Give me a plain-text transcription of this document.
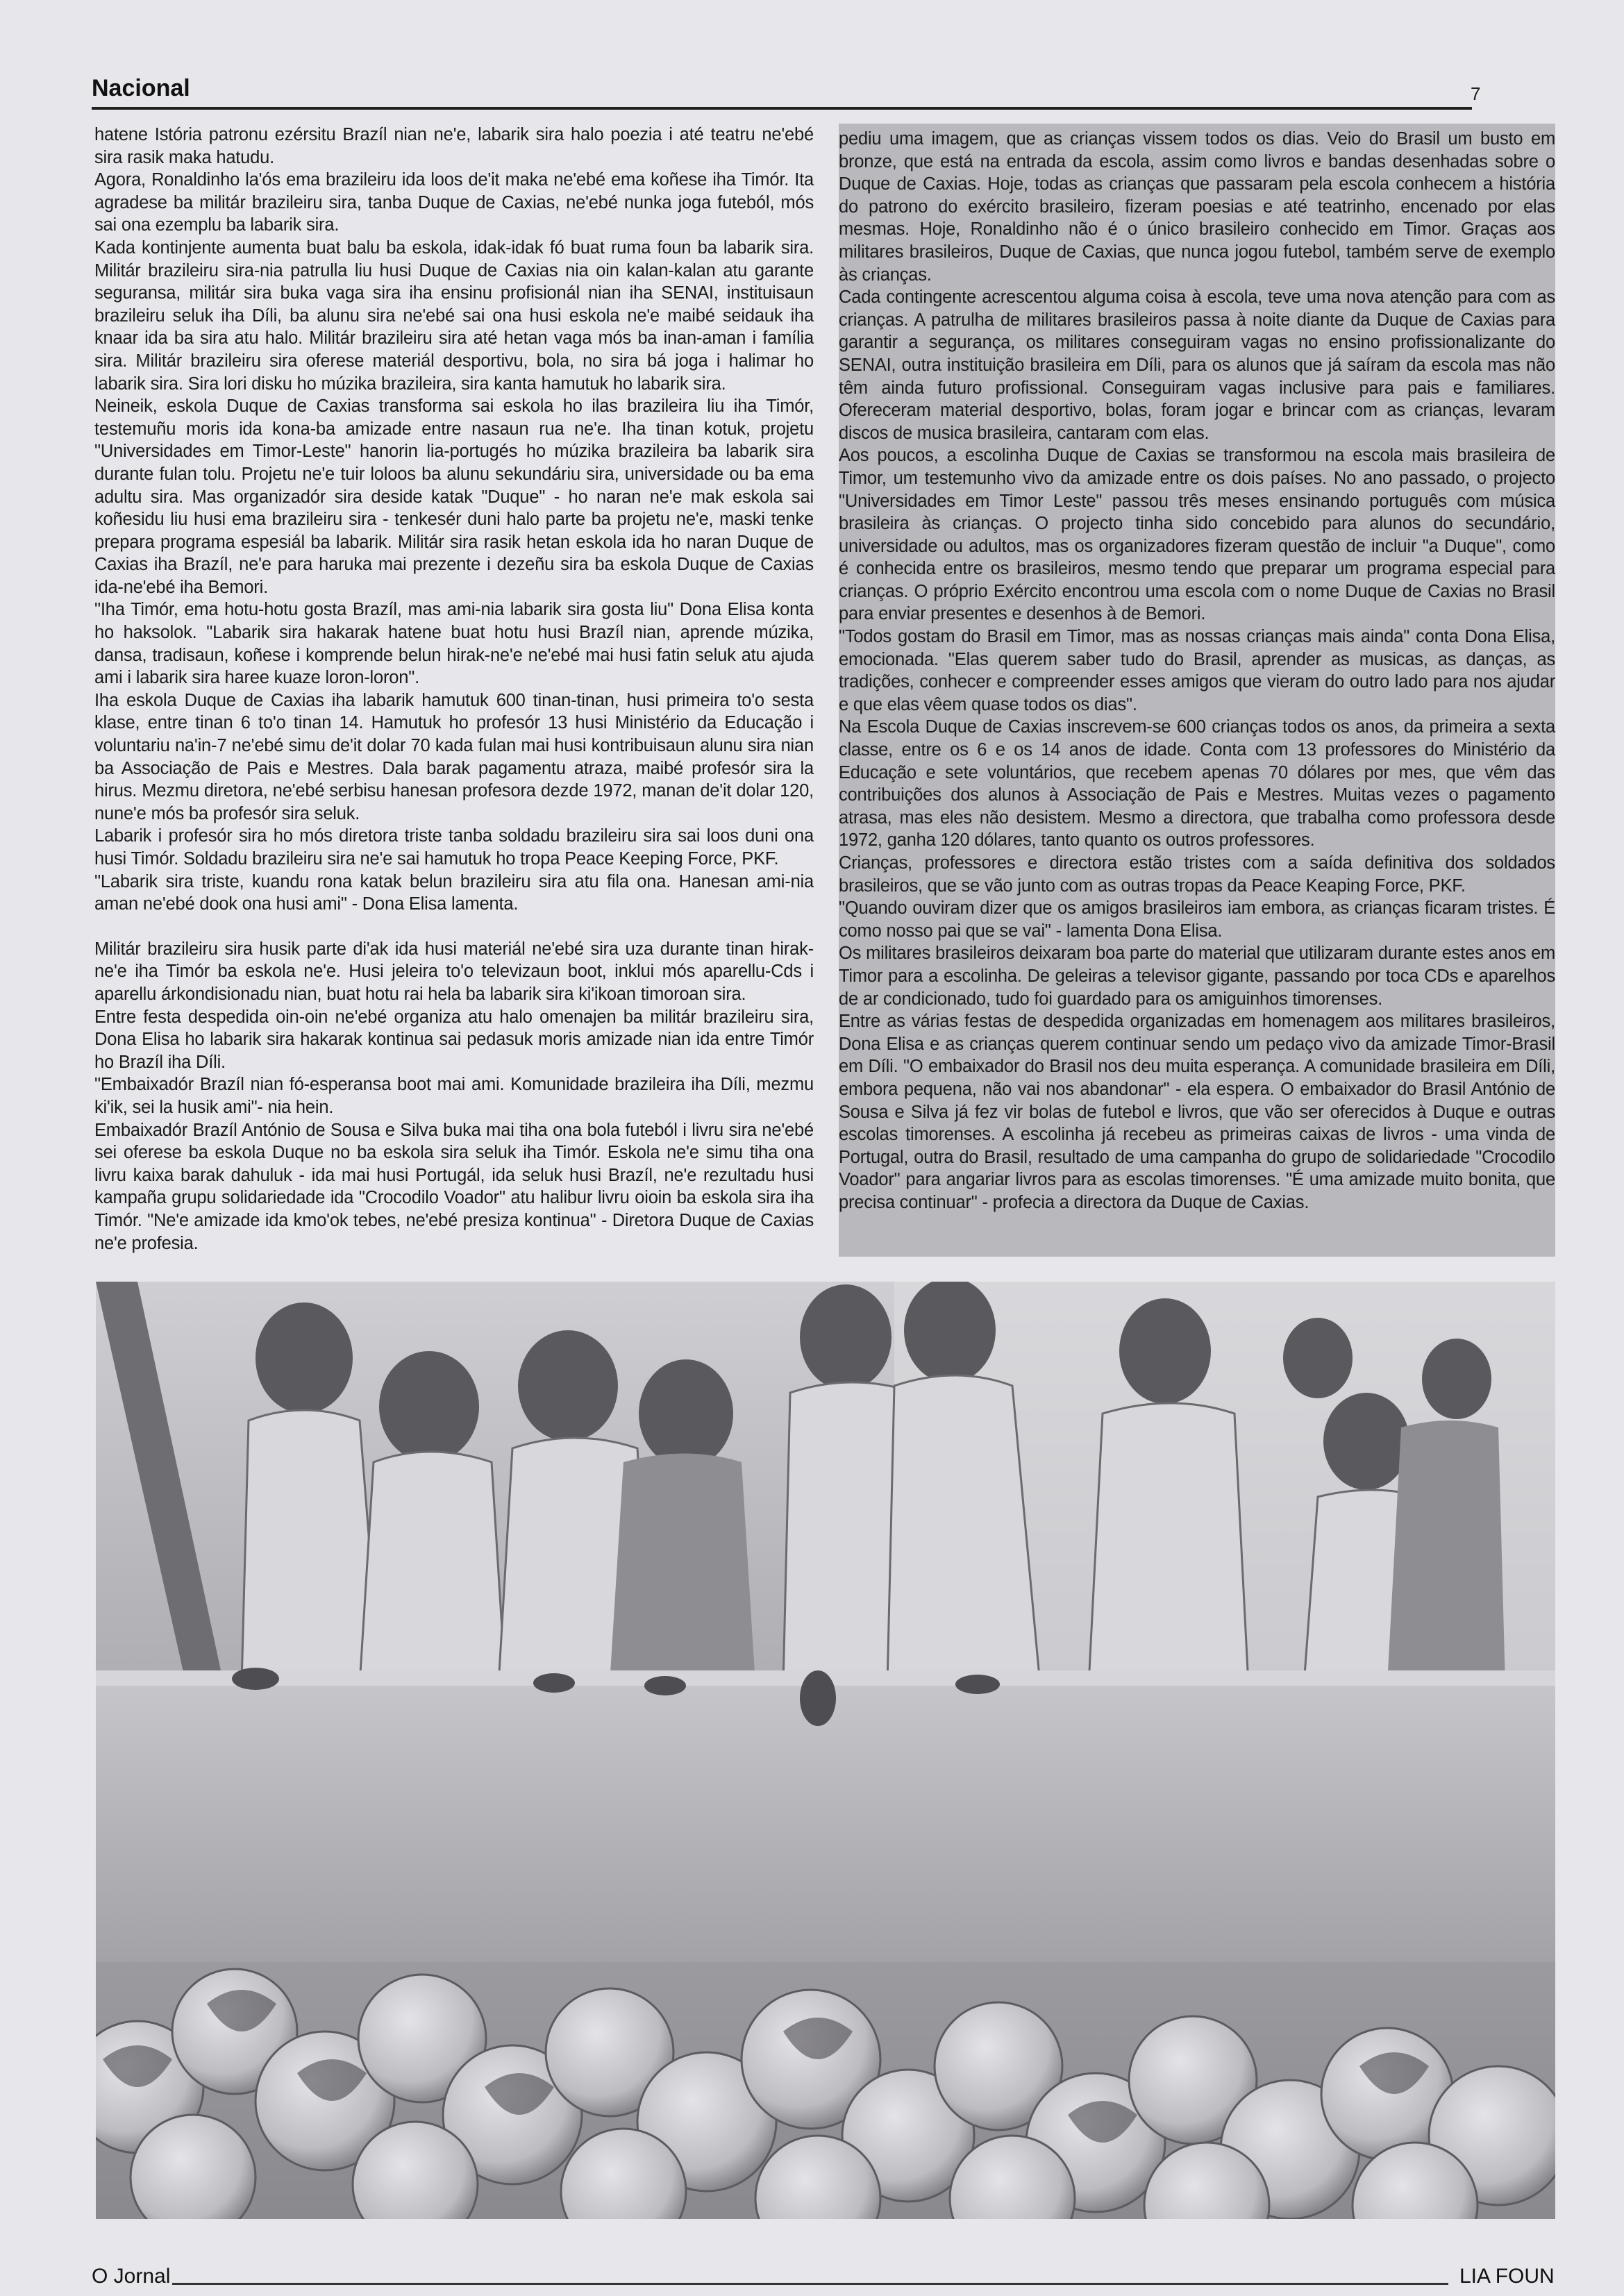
Nacional	7

hatene Istória patronu ezérsitu Brazíl nian ne'e, labarik sira halo poezia i até teatru ne'ebé sira rasik maka hatudu.

Agora, Ronaldinho la'ós ema brazileiru ida loos de'it maka ne'ebé ema koñese iha Timór. Ita agradese ba militár brazileiru sira, tanba Duque de Caxias, ne'ebé nunka joga futeból, mós sai ona ezemplu ba labarik sira.

Kada kontinjente aumenta buat balu ba eskola, idak-idak fó buat ruma foun ba labarik sira. Militár brazileiru sira-nia patrulla liu husi Duque de Caxias nia oin kalan-kalan atu garante seguransa, militár sira buka vaga sira iha ensinu profisionál nian iha SENAI, instituisaun brazileiru seluk iha Díli, ba alunu sira ne'ebé sai ona husi eskola ne'e maibé seidauk iha knaar ida ba sira atu halo. Militár brazileiru sira até hetan vaga mós ba inan-aman i família sira. Militár brazileiru sira oferese materiál desportivu, bola, no sira bá joga i halimar ho labarik sira. Sira lori disku ho múzika brazileira, sira kanta hamutuk ho labarik sira.

Neineik, eskola Duque de Caxias transforma sai eskola ho ilas brazileira liu iha Timór, testemuñu moris ida kona-ba amizade entre nasaun rua ne'e. Iha tinan kotuk, projetu "Universidades em Timor-Leste" hanorin lia-portugés ho múzika brazileira ba labarik sira durante fulan tolu. Projetu ne'e tuir loloos ba alunu sekundáriu sira, universidade ou ba ema adultu sira. Mas organizadór sira deside katak "Duque" - ho naran ne'e mak eskola sai koñesidu liu husi ema brazileiru sira - tenkesér duni halo parte ba projetu ne'e, maski tenke prepara programa espesiál ba labarik. Militár sira rasik hetan eskola ida ho naran Duque de Caxias iha Brazíl, ne'e para haruka mai prezente i dezeñu sira ba eskola Duque de Caxias ida-ne'ebé iha Bemori.

"Iha Timór, ema hotu-hotu gosta Brazíl, mas ami-nia labarik sira gosta liu" Dona Elisa konta ho haksolok. "Labarik sira hakarak hatene buat hotu husi Brazíl nian, aprende múzika, dansa, tradisaun, koñese i komprende belun hirak-ne'e ne'ebé mai husi fatin seluk atu ajuda ami i labarik sira haree kuaze loron-loron".

Iha eskola Duque de Caxias iha labarik hamutuk 600 tinan-tinan, husi primeira to'o sesta klase, entre tinan 6 to'o tinan 14. Hamutuk ho profesór 13 husi Ministério da Educação i voluntariu na'in-7 ne'ebé simu de'it dolar 70 kada fulan mai husi kontribuisaun alunu sira nian ba Associação de Pais e Mestres. Dala barak pagamentu atraza, maibé profesór sira la hirus. Mezmu diretora, ne'ebé serbisu hanesan profesora dezde 1972, manan de'it dolar 120, nune'e mós ba profesór sira seluk.

Labarik i profesór sira ho mós diretora triste tanba soldadu brazileiru sira sai loos duni ona husi Timór. Soldadu brazileiru sira ne'e sai hamutuk ho tropa Peace Keeping Force, PKF.

"Labarik sira triste, kuandu rona katak belun brazileiru sira atu fila ona. Hanesan ami-nia aman ne'ebé dook ona husi ami" - Dona Elisa lamenta.

Militár brazileiru sira husik parte di'ak ida husi materiál ne'ebé sira uza durante tinan hirak-ne'e iha Timór ba eskola ne'e. Husi jeleira to'o televizaun boot, inklui mós aparellu-Cds i aparellu árkondisionadu nian, buat hotu rai hela ba labarik sira ki'ikoan timoroan sira.

Entre festa despedida oin-oin ne'ebé organiza atu halo omenajen ba militár brazileiru sira, Dona Elisa ho labarik sira hakarak kontinua sai pedasuk moris amizade nian ida entre Timór ho Brazíl iha Díli.

"Embaixadór Brazíl nian fó-esperansa boot mai ami. Komunidade brazileira iha Díli, mezmu ki'ik, sei la husik ami"- nia hein.

Embaixadór Brazíl António de Sousa e Silva buka mai tiha ona bola futeból i livru sira ne'ebé sei oferese ba eskola Duque no ba eskola sira seluk iha Timór. Eskola ne'e simu tiha ona livru kaixa barak dahuluk - ida mai husi Portugál, ida seluk husi Brazíl, ne'e rezultadu husi kampaña grupu solidariedade ida "Crocodilo Voador" atu halibur livru oioin ba eskola sira iha Timór. "Ne'e amizade ida kmo'ok tebes, ne'ebé presiza kontinua" - Diretora Duque de Caxias ne'e profesia.

pediu uma imagem, que as crianças vissem todos os dias. Veio do Brasil um busto em bronze, que está na entrada da escola, assim como livros e bandas desenhadas sobre o Duque de Caxias. Hoje, todas as crianças que passaram pela escola conhecem a história do patrono do exército brasileiro, fizeram poesias e até teatrinho, encenado por elas mesmas. Hoje, Ronaldinho não é o único brasileiro conhecido em Timor. Graças aos militares brasileiros, Duque de Caxias, que nunca jogou futebol, também serve de exemplo às crianças.

Cada contingente acrescentou alguma coisa à escola, teve uma nova atenção para com as crianças. A patrulha de militares brasileiros passa à noite diante da Duque de Caxias para garantir a segurança, os militares conseguiram vagas no ensino profissionalizante do SENAI, outra instituição brasileira em Díli, para os alunos que já saíram da escola mas não têm ainda futuro profissional. Conseguiram vagas inclusive para pais e familiares. Ofereceram material desportivo, bolas, foram jogar e brincar com as crianças, levaram discos de musica brasileira, cantaram com elas.

Aos poucos, a escolinha Duque de Caxias se transformou na escola mais brasileira de Timor, um testemunho vivo da amizade entre os dois países. No ano passado, o projecto "Universidades em Timor Leste" passou três meses ensinando português com música brasileira às crianças. O projecto tinha sido concebido para alunos do secundário, universidade ou adultos, mas os organizadores fizeram questão de incluir "a Duque", como é conhecida entre os brasileiros, mesmo tendo que preparar um programa especial para crianças. O próprio Exército encontrou uma escola com o nome Duque de Caxias no Brasil para enviar presentes e desenhos à de Bemori.

"Todos gostam do Brasil em Timor, mas as nossas crianças mais ainda" conta Dona Elisa, emocionada. "Elas querem saber tudo do Brasil, aprender as musicas, as danças, as tradições, conhecer e compreender esses amigos que vieram do outro lado para nos ajudar e que elas vêem quase todos os dias".

Na Escola Duque de Caxias inscrevem-se 600 crianças todos os anos, da primeira a sexta classe, entre os 6 e os 14 anos de idade. Conta com 13 professores do Ministério da Educação e sete voluntários, que recebem apenas 70 dólares por mes, que vêm das contribuições dos alunos à Associação de Pais e Mestres. Muitas vezes o pagamento atrasa, mas eles não desistem. Mesmo a directora, que trabalha como professora desde 1972, ganha 120 dólares, tanto quanto os outros professores.

Crianças, professores e directora estão tristes com a saída definitiva dos soldados brasileiros, que se vão junto com as outras tropas da Peace Keaping Force, PKF.

"Quando ouviram dizer que os amigos brasileiros iam embora, as crianças ficaram tristes. É como nosso pai que se vai" - lamenta Dona Elisa.

Os militares brasileiros deixaram boa parte do material que utilizaram durante estes anos em Timor para a escolinha. De geleiras a televisor gigante, passando por toca CDs e aparelhos de ar condicionado, tudo foi guardado para os amiguinhos timorenses.

Entre as várias festas de despedida organizadas em homenagem aos militares brasileiros, Dona Elisa e as crianças querem continuar sendo um pedaço vivo da amizade Timor-Brasil em Díli. "O embaixador do Brasil nos deu muita esperança. A comunidade brasileira em Díli, embora pequena, não vai nos abandonar" - ela espera. O embaixador do Brasil António de Sousa e Silva já fez vir bolas de futebol e livros, que vão ser oferecidos à Duque e outras escolas timorenses. A escolinha já recebeu as primeiras caixas de livros - uma vinda de Portugal, outra do Brasil, resultado de uma campanha do grupo de solidariedade "Crocodilo Voador" para angariar livros para as escolas timorenses. "É uma amizade muito bonita, que precisa continuar" - profecia a directora da Duque de Caxias.

O Jornal	LIA FOUN
